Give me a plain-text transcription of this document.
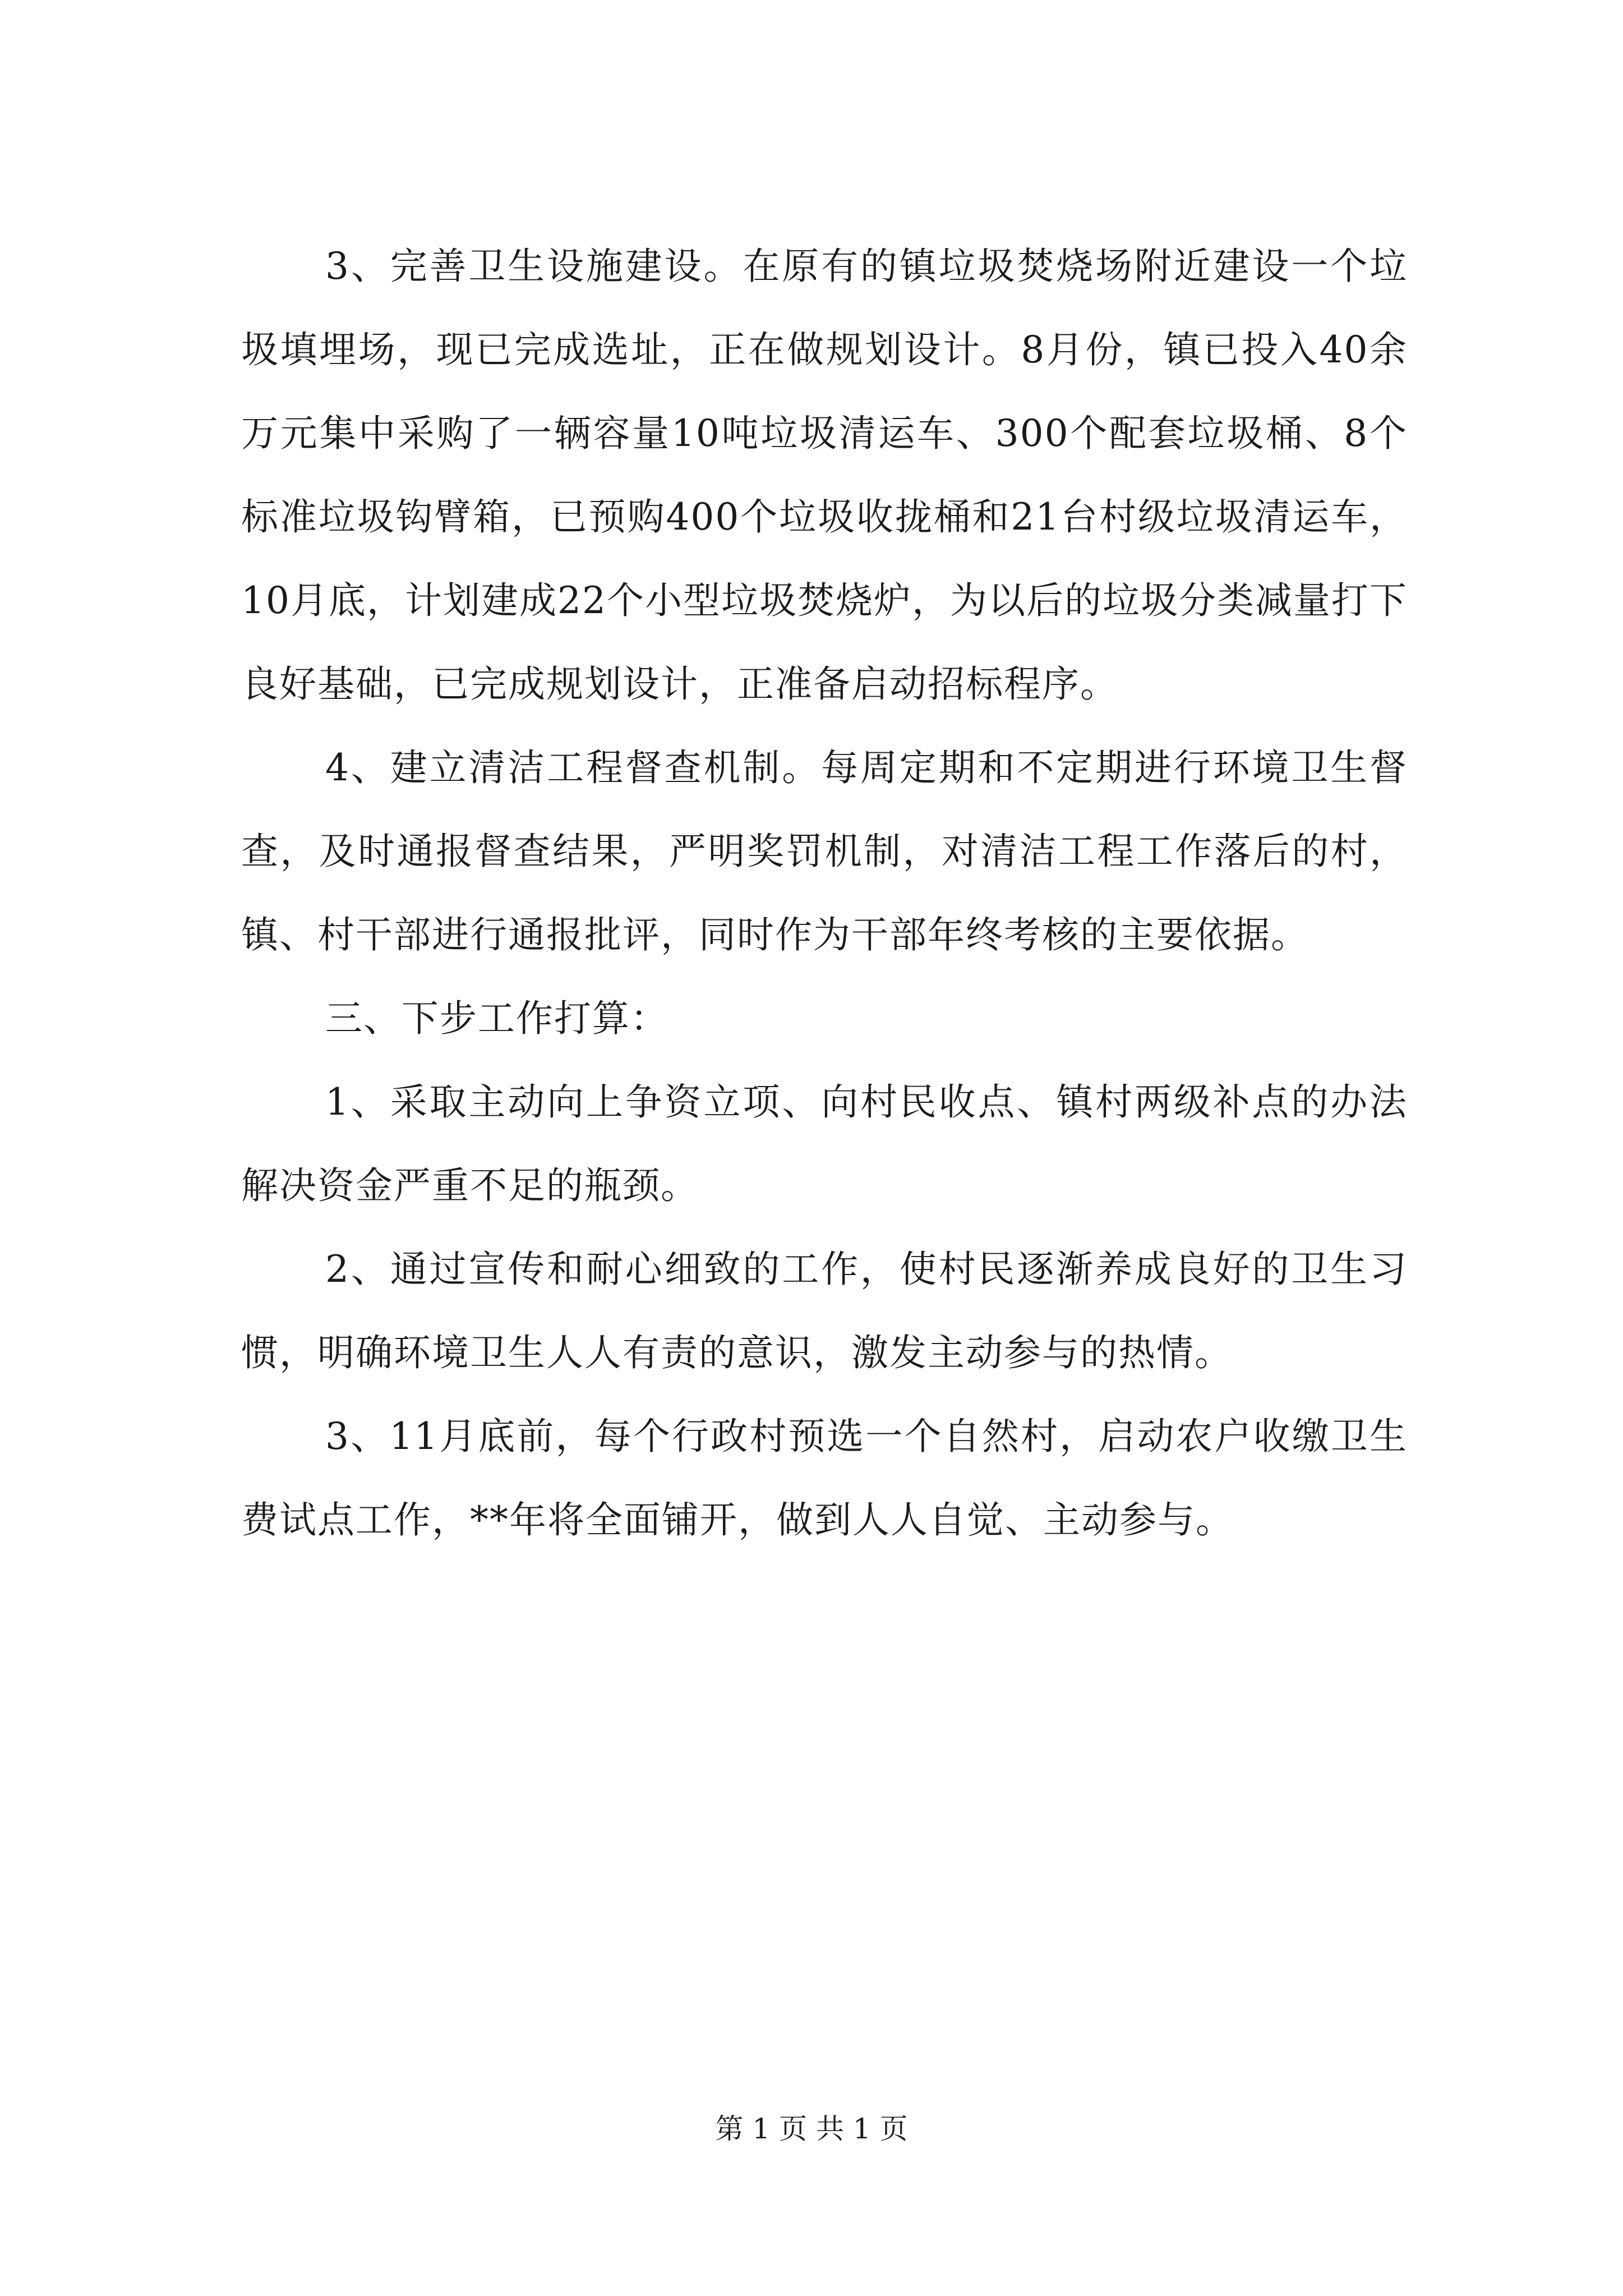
3、完善卫生设施建设。在原有的镇垃圾焚烧场附近建设一个垃圾填埋场，现已完成选址，正在做规划设计。8月份，镇已投入40余万元集中采购了一辆容量10吨垃圾清运车、300个配套垃圾桶、8个标准垃圾钩臂箱，已预购400个垃圾收拢桶和21台村级垃圾清运车，10月底，计划建成22个小型垃圾焚烧炉，为以后的垃圾分类减量打下良好基础，已完成规划设计，正准备启动招标程序。

4、建立清洁工程督查机制。每周定期和不定期进行环境卫生督查，及时通报督查结果，严明奖罚机制，对清洁工程工作落后的村，镇、村干部进行通报批评，同时作为干部年终考核的主要依据。

三、下步工作打算：

1、采取主动向上争资立项、向村民收点、镇村两级补点的办法解决资金严重不足的瓶颈。

2、通过宣传和耐心细致的工作，使村民逐渐养成良好的卫生习惯，明确环境卫生人人有责的意识，激发主动参与的热情。

3、11月底前，每个行政村预选一个自然村，启动农户收缴卫生费试点工作，**年将全面铺开，做到人人自觉、主动参与。

第 1 页 共 1 页
